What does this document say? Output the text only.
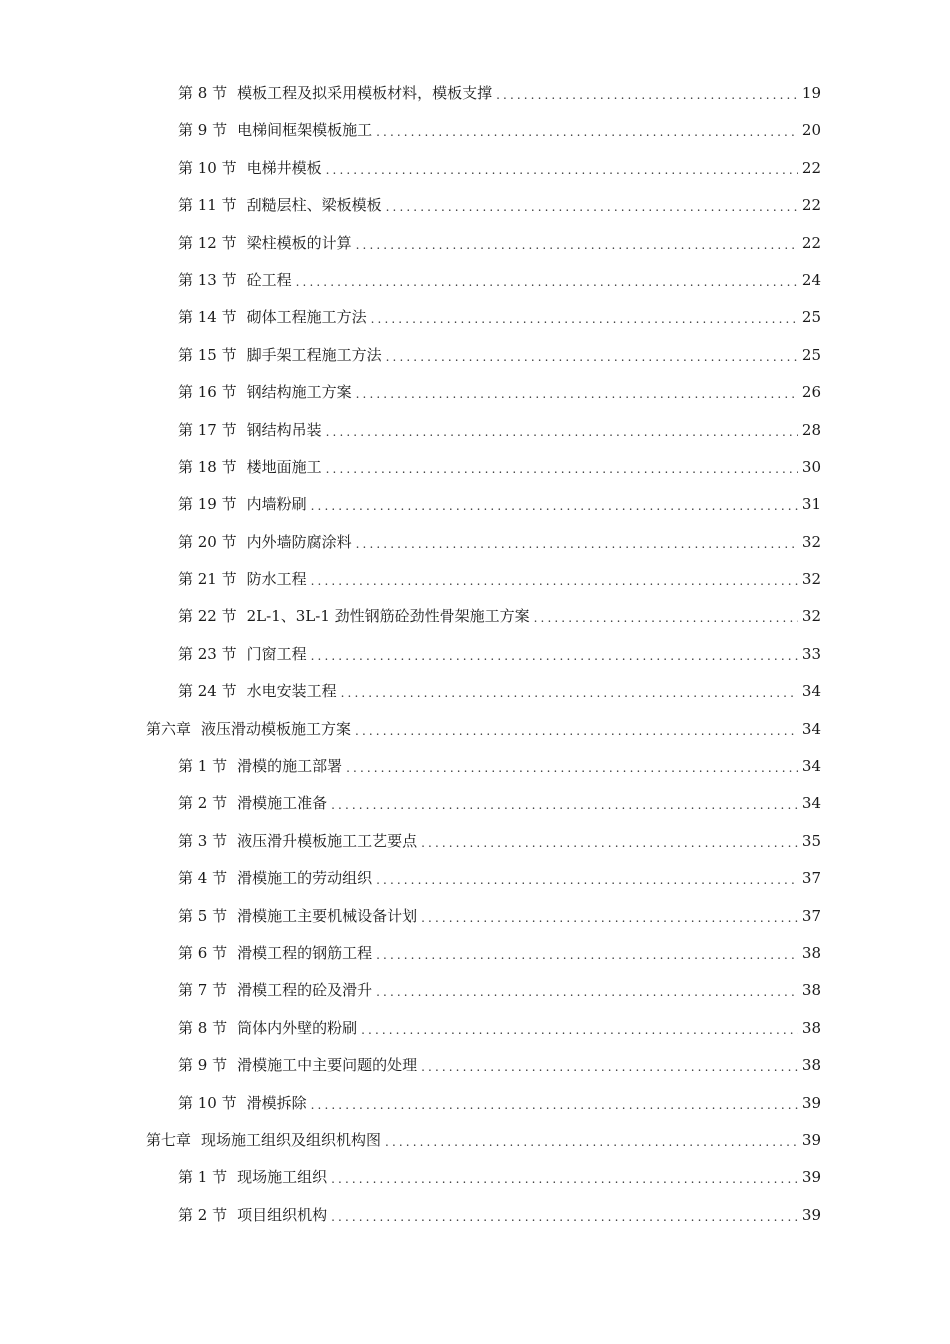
第 8 节 模板工程及拟采用模板材料，模板支撑 .....	19
第 9 节 电梯间框架模板施工 .....	20
第 10 节 电梯井模板 .....	22
第 11 节 刮糙层柱、梁板模板 .....	22
第 12 节 梁柱模板的计算 .....	22
第 13 节 砼工程 .....	24
第 14 节 砌体工程施工方法 .....	25
第 15 节 脚手架工程施工方法 .....	25
第 16 节 钢结构施工方案 .....	26
第 17 节 钢结构吊装 .....	28
第 18 节 楼地面施工 .....	30
第 19 节 内墙粉刷 .....	31
第 20 节 内外墙防腐涂料 .....	32
第 21 节 防水工程 .....	32
第 22 节 2L-1、3L-1 劲性钢筋砼劲性骨架施工方案 .....	32
第 23 节 门窗工程 .....	33
第 24 节 水电安装工程 .....	34
第六章 液压滑动模板施工方案 .....	34
第 1 节 滑模的施工部署 .....	34
第 2 节 滑模施工准备 .....	34
第 3 节 液压滑升模板施工工艺要点 .....	35
第 4 节 滑模施工的劳动组织 .....	37
第 5 节 滑模施工主要机械设备计划 .....	37
第 6 节 滑模工程的钢筋工程 .....	38
第 7 节 滑模工程的砼及滑升 .....	38
第 8 节 筒体内外壁的粉刷 .....	38
第 9 节 滑模施工中主要问题的处理 .....	38
第 10 节 滑模拆除 .....	39
第七章 现场施工组织及组织机构图 .....	39
第 1 节 现场施工组织 .....	39
第 2 节 项目组织机构 .....	39
